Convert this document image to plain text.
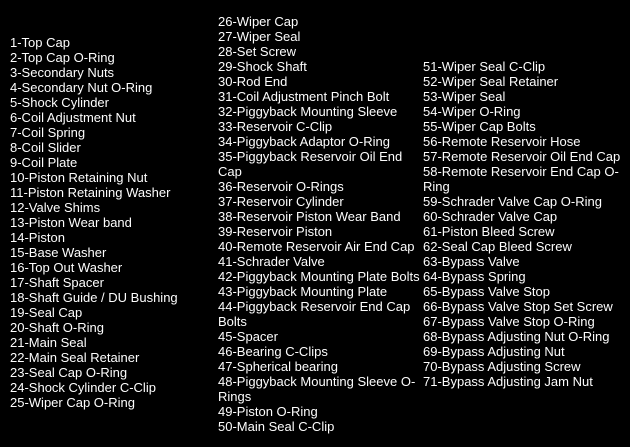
1-Top Cap
2-Top Cap O-Ring
3-Secondary Nuts
4-Secondary Nut O-Ring
5-Shock Cylinder
6-Coil Adjustment Nut
7-Coil Spring
8-Coil Slider
9-Coil Plate
10-Piston Retaining Nut
11-Piston Retaining Washer
12-Valve Shims
13-Piston Wear band
14-Piston
15-Base Washer
16-Top Out Washer
17-Shaft Spacer
18-Shaft Guide / DU Bushing
19-Seal Cap
20-Shaft O-Ring
21-Main Seal
22-Main Seal Retainer
23-Seal Cap O-Ring
24-Shock Cylinder C-Clip
25-Wiper Cap O-Ring
26-Wiper Cap
27-Wiper Seal
28-Set Screw
29-Shock Shaft
30-Rod End
31-Coil Adjustment Pinch Bolt
32-Piggyback Mounting Sleeve
33-Reservoir C-Clip
34-Piggyback Adaptor O-Ring
35-Piggyback Reservoir Oil End Cap
36-Reservoir O-Rings
37-Reservoir Cylinder
38-Reservoir Piston Wear Band
39-Reservoir Piston
40-Remote Reservoir Air End Cap
41-Schrader Valve
42-Piggyback Mounting Plate Bolts
43-Piggyback Mounting Plate
44-Piggyback Reservoir End Cap Bolts
45-Spacer
46-Bearing C-Clips
47-Spherical bearing
48-Piggyback Mounting Sleeve O-Rings
49-Piston O-Ring
50-Main Seal C-Clip
51-Wiper Seal C-Clip
52-Wiper Seal Retainer
53-Wiper Seal
54-Wiper O-Ring
55-Wiper Cap Bolts
56-Remote Reservoir Hose
57-Remote Reservoir Oil End Cap
58-Remote Reservoir End Cap O-Ring
59-Schrader Valve Cap O-Ring
60-Schrader Valve Cap
61-Piston Bleed Screw
62-Seal Cap Bleed Screw
63-Bypass Valve
64-Bypass Spring
65-Bypass Valve Stop
66-Bypass Valve Stop Set Screw
67-Bypass Valve Stop O-Ring
68-Bypass Adjusting Nut O-Ring
69-Bypass Adjusting Nut
70-Bypass Adjusting Screw
71-Bypass Adjusting Jam Nut
